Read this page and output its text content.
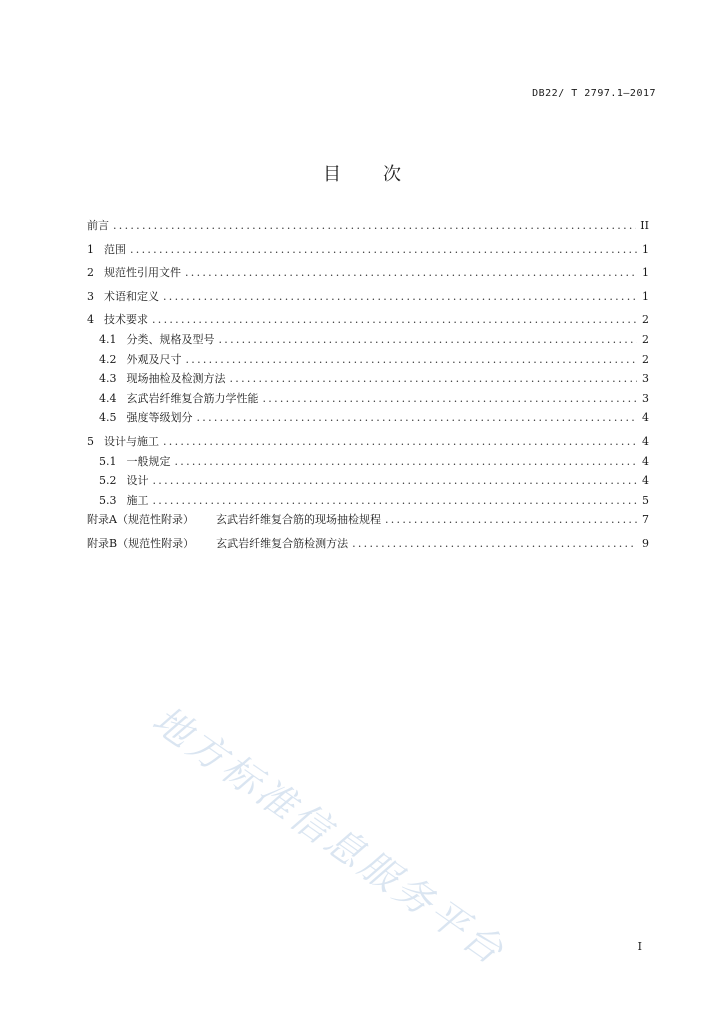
DB22/ T 2797.1—2017
目次
前言 .....	II
1 范围 .....	1
2 规范性引用文件 .....	1
3 术语和定义 .....	1
4 技术要求 .....	2
4.1 分类、规格及型号 .....	2
4.2 外观及尺寸 .....	2
4.3 现场抽检及检测方法 .....	3
4.4 玄武岩纤维复合筋力学性能 .....	3
4.5 强度等级划分 .....	4
5 设计与施工 .....	4
5.1 一般规定 .....	4
5.2 设计 .....	4
5.3 施工 .....	5
附录A（规范性附录） 玄武岩纤维复合筋的现场抽检规程 .....	7
附录B（规范性附录） 玄武岩纤维复合筋检测方法 .....	9
地方标准信息服务平台	I
